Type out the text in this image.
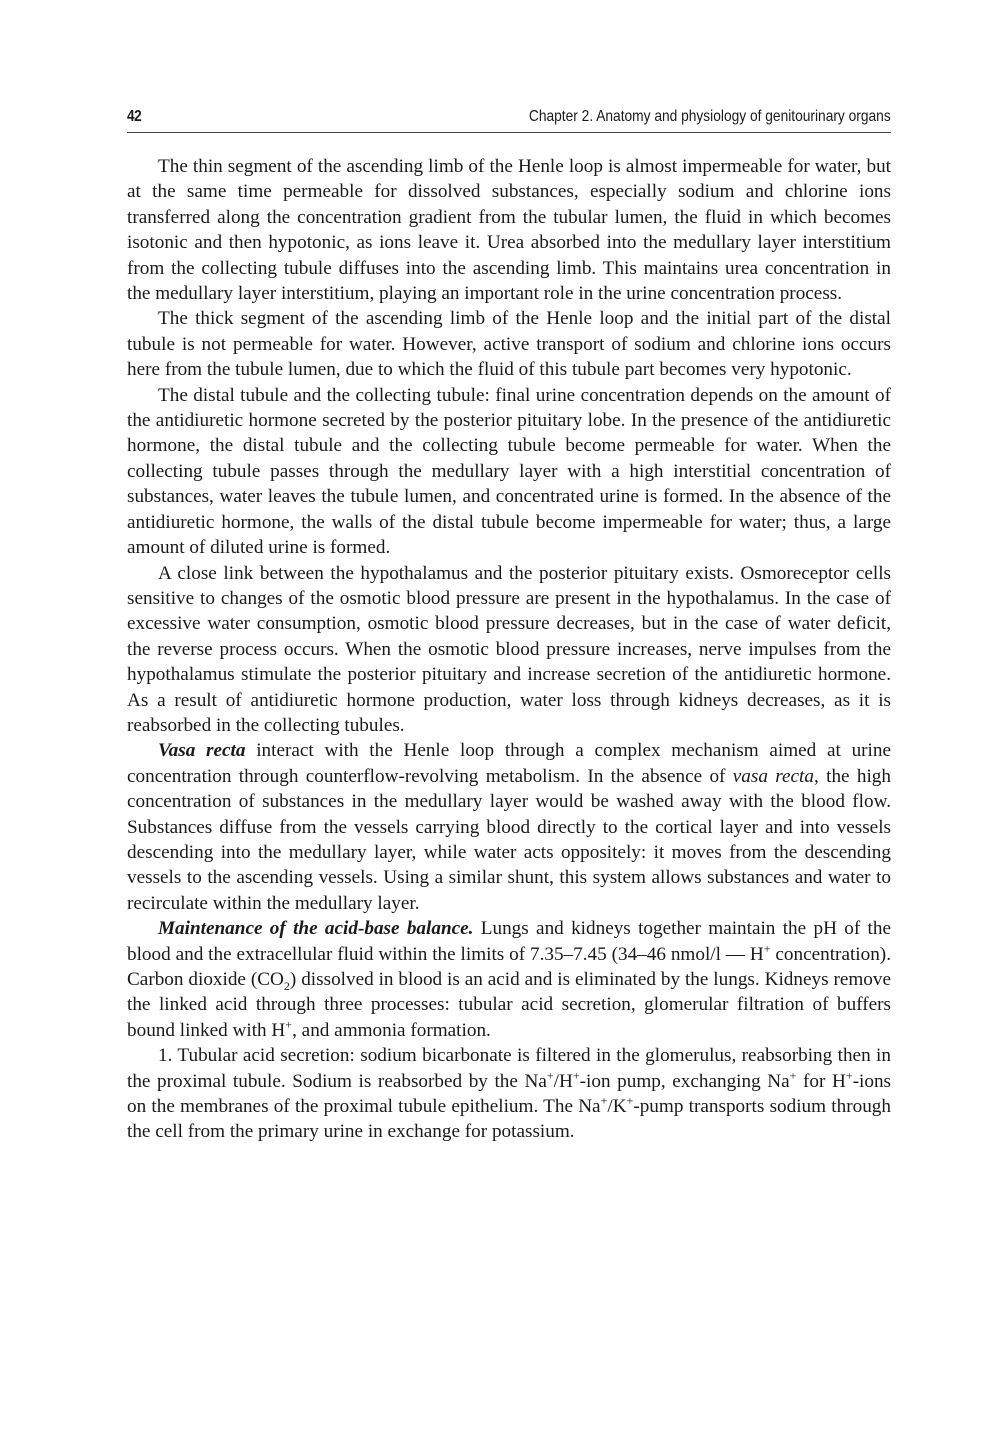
42	Chapter 2. Anatomy and physiology of genitourinary organs

The thin segment of the ascending limb of the Henle loop is almost impermeable for water, but at the same time permeable for dissolved substances, especially sodium and chlorine ions transferred along the concentration gradient from the tubular lumen, the fluid in which becomes isotonic and then hypotonic, as ions leave it. Urea absorbed into the medullary layer interstitium from the collecting tubule diffuses into the ascending limb. This maintains urea concentration in the medullary layer interstitium, playing an important role in the urine concentration process.

The thick segment of the ascending limb of the Henle loop and the initial part of the distal tubule is not permeable for water. However, active transport of sodium and chlorine ions occurs here from the tubule lumen, due to which the fluid of this tubule part becomes very hypotonic.

The distal tubule and the collecting tubule: final urine concentration depends on the amount of the antidiuretic hormone secreted by the posterior pituitary lobe. In the presence of the antidiuretic hormone, the distal tubule and the collecting tubule become permeable for water. When the collecting tubule passes through the medullary layer with a high interstitial concentration of substances, water leaves the tubule lumen, and concentrated urine is formed. In the absence of the antidiuretic hormone, the walls of the distal tubule become impermeable for water; thus, a large amount of diluted urine is formed.

A close link between the hypothalamus and the posterior pituitary exists. Osmoreceptor cells sensitive to changes of the osmotic blood pressure are present in the hypothalamus. In the case of excessive water consumption, osmotic blood pressure decreases, but in the case of water deficit, the reverse process occurs. When the osmotic blood pressure increases, nerve impulses from the hypothalamus stimulate the posterior pituitary and increase secretion of the antidiuretic hormone. As a result of antidiuretic hormone production, water loss through kidneys decreases, as it is reabsorbed in the collecting tubules.

Vasa recta interact with the Henle loop through a complex mechanism aimed at urine concentration through counterflow-revolving metabolism. In the absence of vasa recta, the high concentration of substances in the medullary layer would be washed away with the blood flow. Substances diffuse from the vessels carrying blood directly to the cortical layer and into vessels descending into the medullary layer, while water acts oppositely: it moves from the descending vessels to the ascending vessels. Using a similar shunt, this system allows substances and water to recirculate within the medullary layer.

Maintenance of the acid-base balance. Lungs and kidneys together maintain the pH of the blood and the extracellular fluid within the limits of 7.35–7.45 (34–46 nmol/l — H+ concentration). Carbon dioxide $(CO_2)$ dissolved in blood is an acid and is eliminated by the lungs. Kidneys remove the linked acid through three processes: tubular acid secretion, glomerular filtration of buffers bound linked with H+, and ammonia formation.

1. Tubular acid secretion: sodium bicarbonate is filtered in the glomerulus, reabsorbing then in the proximal tubule. Sodium is reabsorbed by the Na+/H+-ion pump, exchanging Na+ for H+-ions on the membranes of the proximal tubule epithelium. The Na+/K+-pump transports sodium through the cell from the primary urine in exchange for potassium.
